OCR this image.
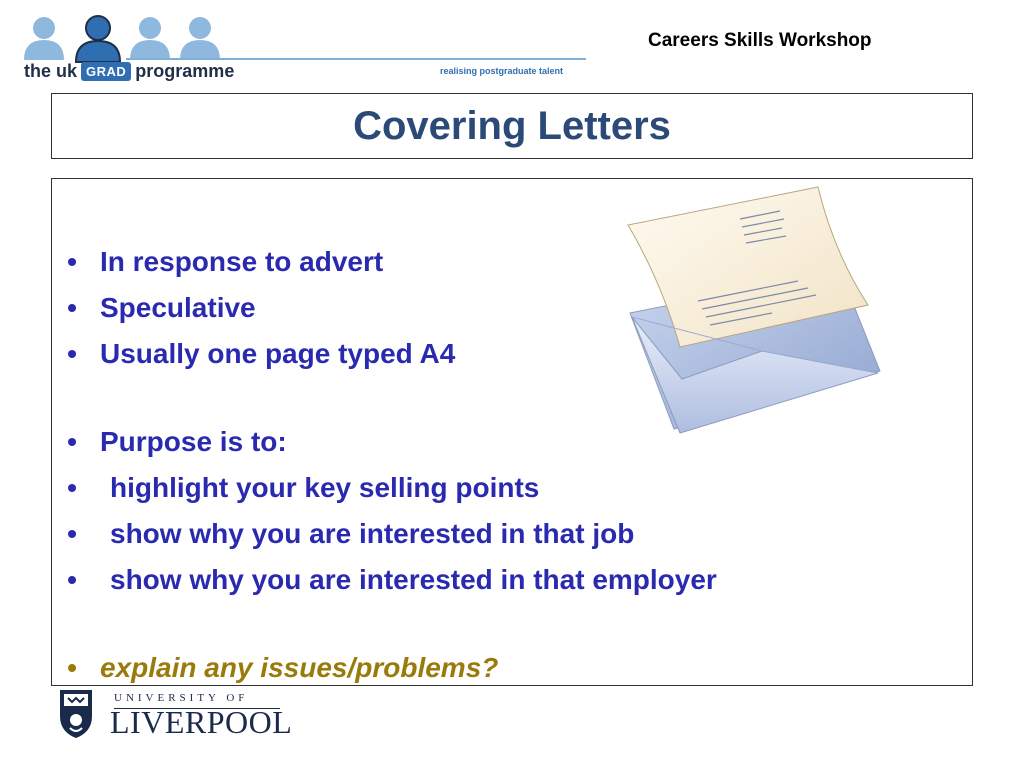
the uk GRAD programme	realising postgraduate talent
Careers Skills Workshop
Covering Letters
• In response to advert
• Speculative
• Usually one page typed A4
• Purpose is to:
• highlight your key selling points
• show why you are interested in that job
• show why you are interested in that employer
• explain any issues/problems?
UNIVERSITY OF
LIVERPOOL
